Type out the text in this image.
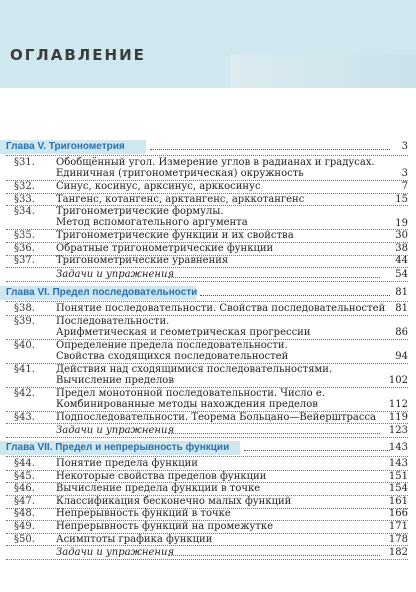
ОГЛАВЛЕНИЕ
Глава V. Тригонометрия	3
§31. Обобщённый угол. Измерение углов в радианах и градусах.
Единичная (тригонометрическая) окружность	3
§32. Синус, косинус, арксинус, арккосинус	7
§33. Тангенс, котангенс, арктангенс, арккотангенс	15
§34. Тригонометрические формулы.
Метод вспомогательного аргумента	19
§35. Тригонометрические функции и их свойства	30
§36. Обратные тригонометрические функции	38
§37. Тригонометрические уравнения	44
Задачи и упражнения	54
Глава VI. Предел последовательности	81
§38. Понятие последовательности. Свойства последовательностей 81
§39. Последовательности.
Арифметическая и геометрическая прогрессии	86
§40. Определение предела последовательности.
Свойства сходящихся последовательностей	94
§41. Действия над сходящимися последовательностями.
Вычисление пределов	102
§42. Предел монотонной последовательности. Число e.
Комбинированные методы нахождения пределов	112
§43. Подпоследовательности. Теорема Больцано—Вейерштрасса	119
Задачи и упражнения	123
Глава VII. Предел и непрерывность функции	143
§44. Понятие предела функции	143
§45. Некоторые свойства пределов функции	151
§46. Вычисление предела функции в точке	154
§47. Классификация бесконечно малых функций	161
§48. Непрерывность функций в точке	166
§49. Непрерывность функций на промежутке	171
§50. Асимптоты графика функции	178
Задачи и упражнения	182
